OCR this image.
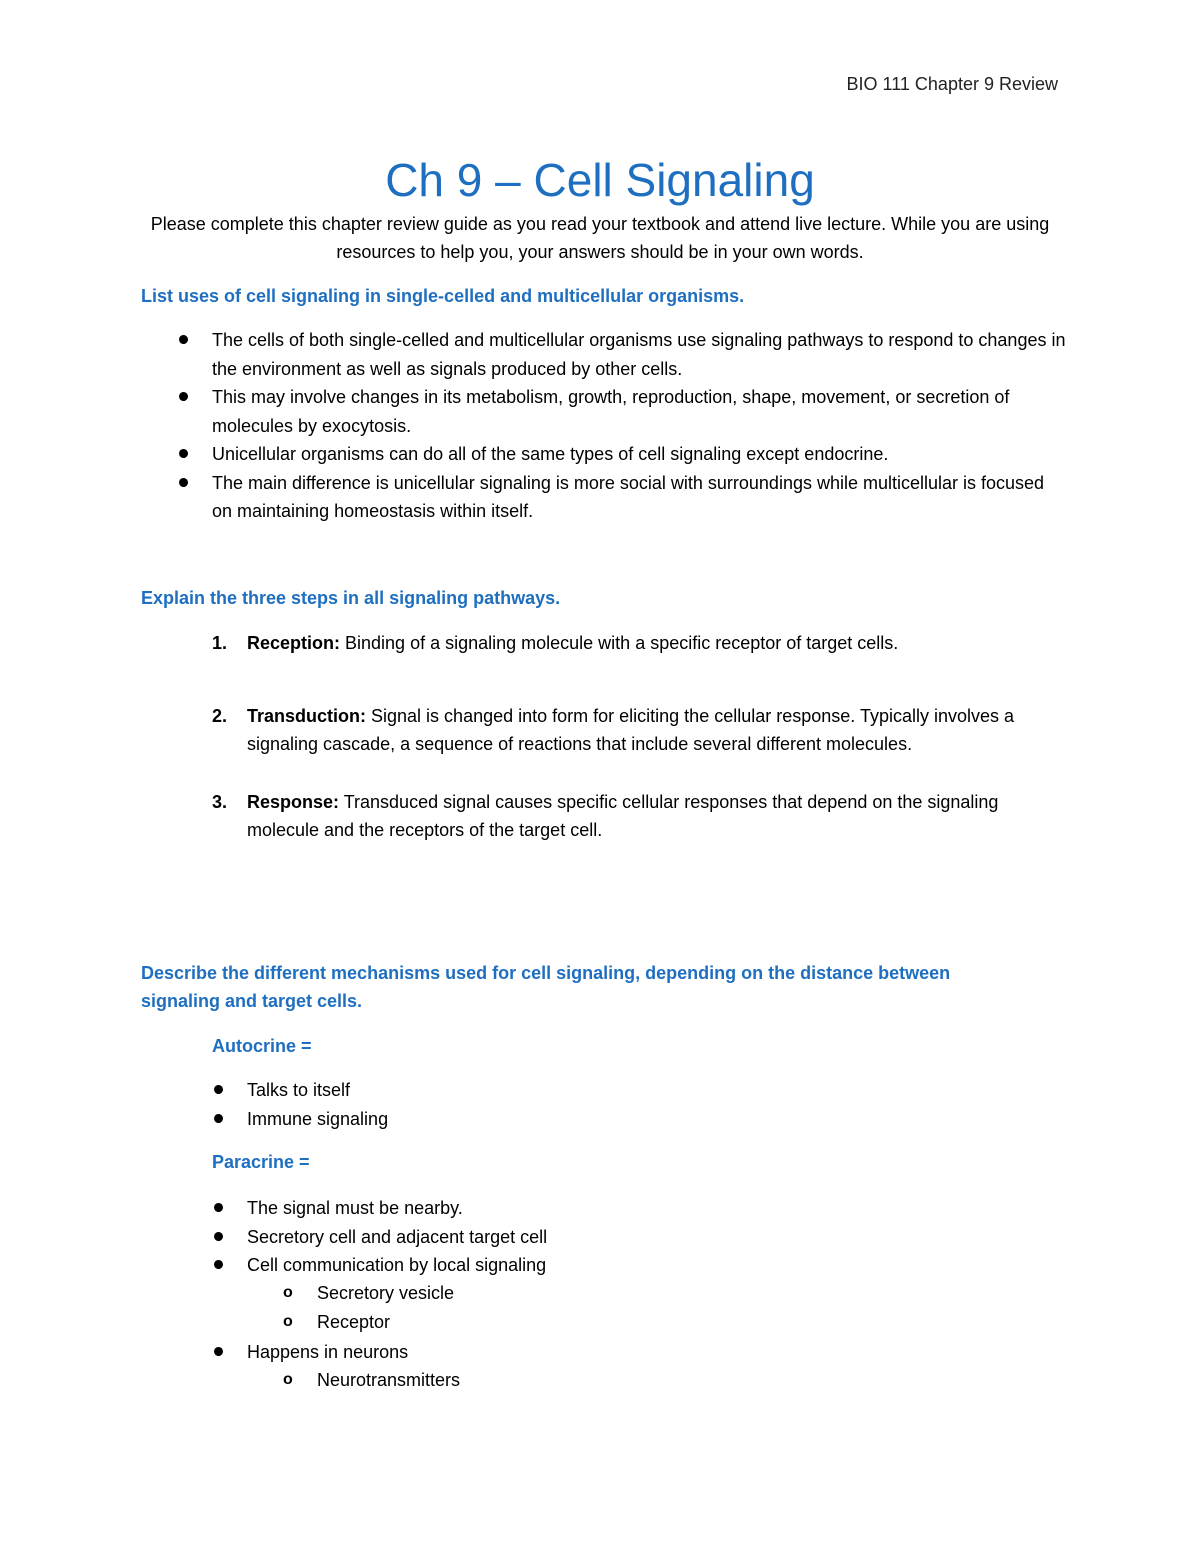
BIO 111 Chapter 9 Review
Ch 9 – Cell Signaling
Please complete this chapter review guide as you read your textbook and attend live lecture. While you are using resources to help you, your answers should be in your own words.
List uses of cell signaling in single-celled and multicellular organisms.
The cells of both single-celled and multicellular organisms use signaling pathways to respond to changes in the environment as well as signals produced by other cells.
This may involve changes in its metabolism, growth, reproduction, shape, movement, or secretion of molecules by exocytosis.
Unicellular organisms can do all of the same types of cell signaling except endocrine.
The main difference is unicellular signaling is more social with surroundings while multicellular is focused on maintaining homeostasis within itself.
Explain the three steps in all signaling pathways.
1. Reception: Binding of a signaling molecule with a specific receptor of target cells.
2. Transduction: Signal is changed into form for eliciting the cellular response. Typically involves a signaling cascade, a sequence of reactions that include several different molecules.
3. Response: Transduced signal causes specific cellular responses that depend on the signaling molecule and the receptors of the target cell.
Describe the different mechanisms used for cell signaling, depending on the distance between signaling and target cells.
Autocrine =
Talks to itself
Immune signaling
Paracrine =
The signal must be nearby.
Secretory cell and adjacent target cell
Cell communication by local signaling
o Secretory vesicle
o Receptor
Happens in neurons
o Neurotransmitters
